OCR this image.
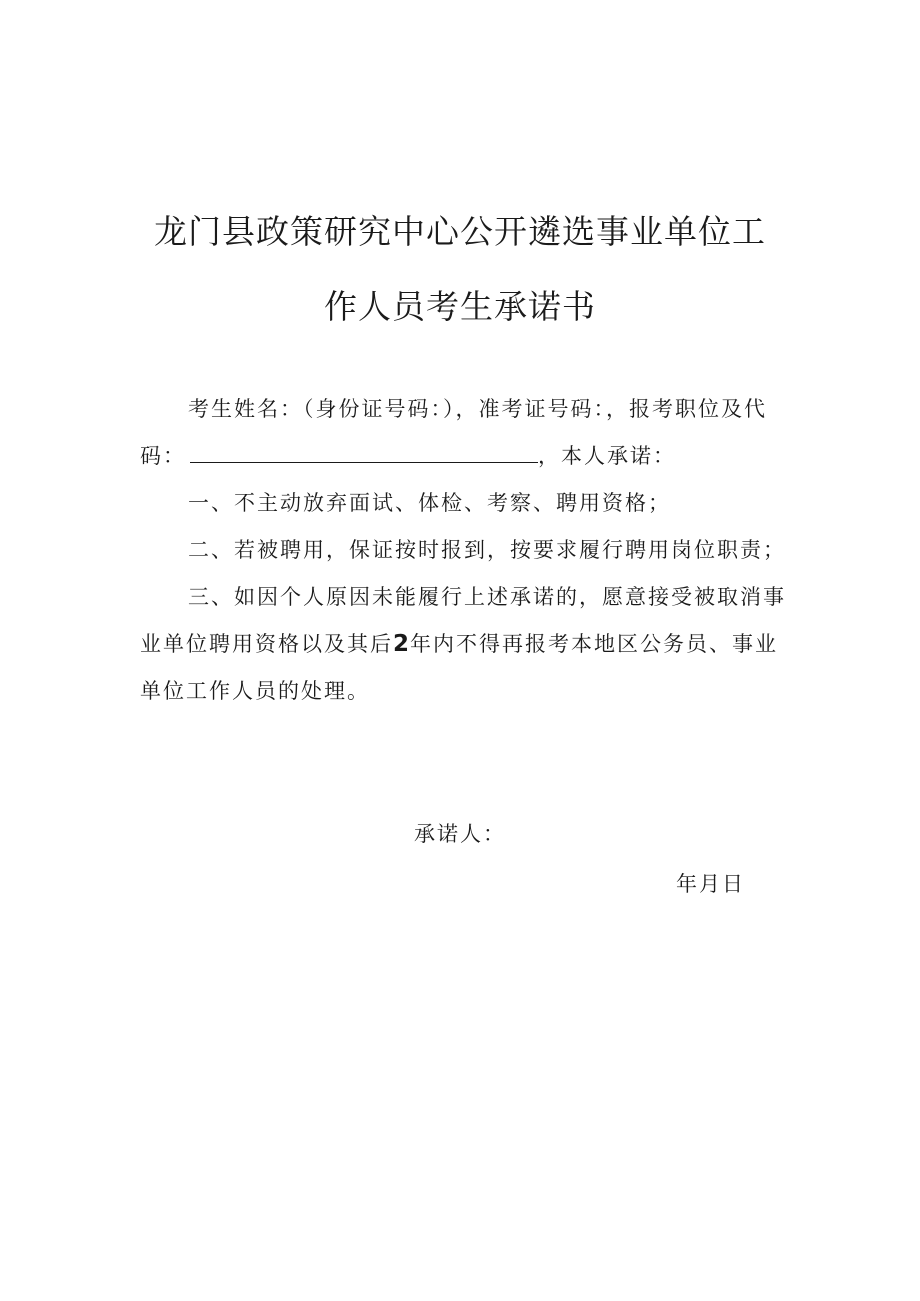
龙门县政策研究中心公开遴选事业单位工
作人员考生承诺书
考生姓名：（身份证号码：），准考证号码：，报考职位及代
码：	，本人承诺：
一、不主动放弃面试、体检、考察、聘用资格；
二、若被聘用，保证按时报到，按要求履行聘用岗位职责；
三、如因个人原因未能履行上述承诺的，愿意接受被取消事
业单位聘用资格以及其后2年内不得再报考本地区公务员、事业
单位工作人员的处理。
承诺人：
年月日
